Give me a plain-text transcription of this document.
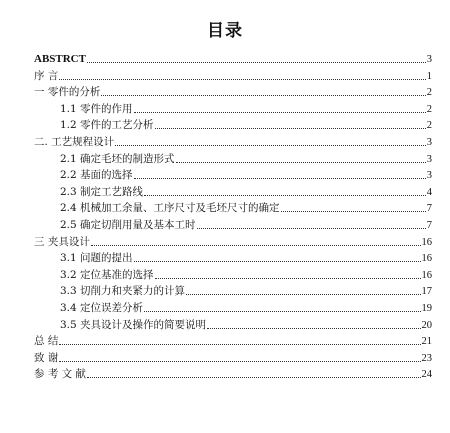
目录
ABSTRCT	3
序 言	1
一 零件的分析	2
1.1 零件的作用	2
1.2 零件的工艺分析	2
二. 工艺规程设计	3
2.1 确定毛坯的制造形式	3
2.2 基面的选择	3
2.3 制定工艺路线	4
2.4 机械加工余量、工序尺寸及毛坯尺寸的确定	7
2.5 确定切削用量及基本工时	7
三 夹具设计	16
3.1 问题的提出	16
3.2 定位基准的选择	16
3.3 切削力和夹紧力的计算	17
3.4 定位误差分析	19
3.5 夹具设计及操作的简要说明	20
总 结	21
致 谢	23
参 考 文 献	24
